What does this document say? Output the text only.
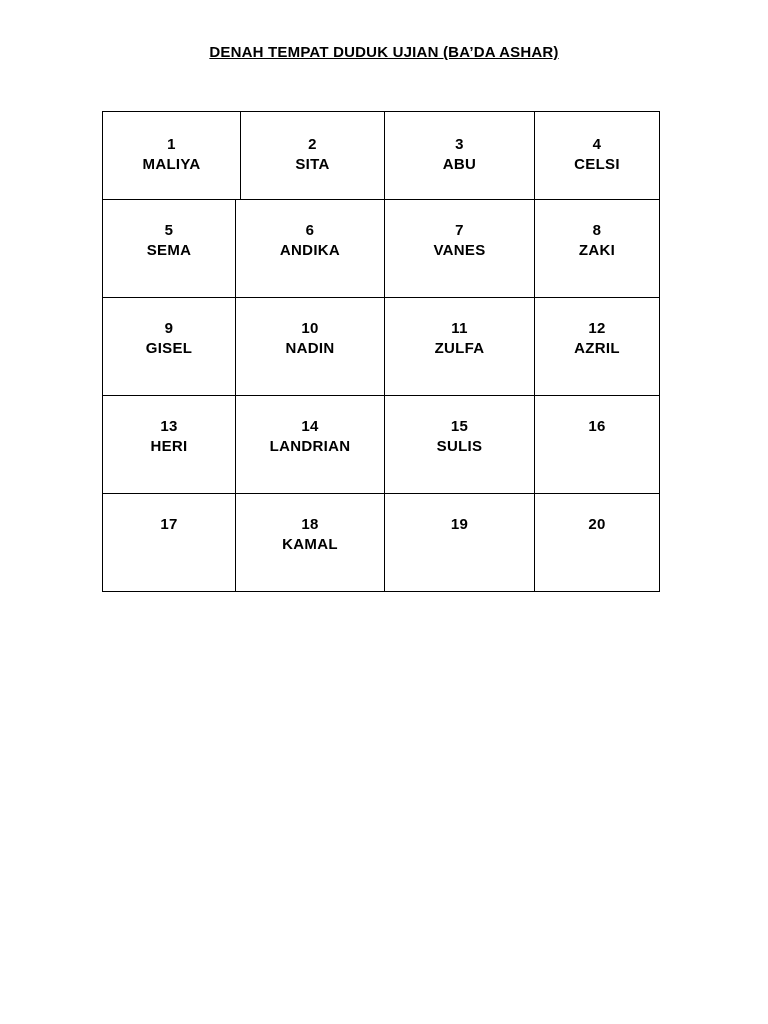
DENAH TEMPAT DUDUK UJIAN (BA’DA ASHAR)
1
MALIYA
2
SITA
3
ABU
4
CELSI
5
SEMA
6
ANDIKA
7
VANES
8
ZAKI
9
GISEL
10
NADIN
11
ZULFA
12
AZRIL
13
HERI
14
LANDRIAN
15
SULIS
16
17	18
KAMAL
19	20
